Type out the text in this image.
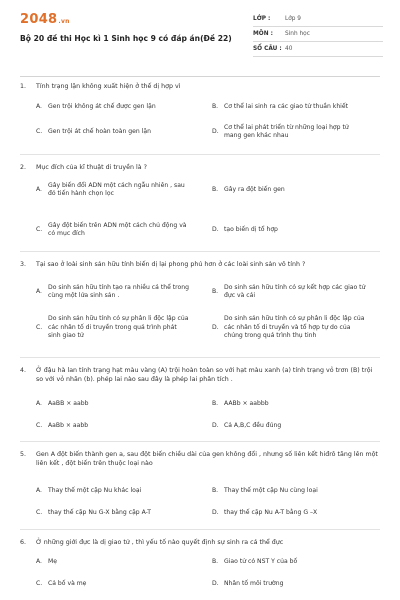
2048.vn
Bộ 20 đề thi Học kì 1 Sinh học 9 có đáp án(Đề 22)
LỚP :	Lớp 9
MÔN :	Sinh học
SỐ CÂU : 40
1.	Tính trạng lặn không xuất hiện ở thế dị hợp vì
A. Gen trội không át chế được gen lặn	B. Cơ thể lai sinh ra các giao tử thuần khiết
C. Gen trội át chế hoàn toàn gen lặn	D.
Cơ thể lai phát triển từ những loại hợp tử mang gen khác nhau
2.	Mục đích của kĩ thuật di truyền là ?
A.
Gây biến đổi ADN một cách ngẫu nhiên , sau đó tiến hành chọn lọc
B. Gây ra đột biến gen
C.
Gây đột biến trên ADN một cách chủ động và có mục đích
D. tạo biến dị tổ hợp
3.	Tại sao ở loài sinh sản hữu tính biến dị lại phong phú hơn ở các loài sinh sản vô tính ?
A.
Do sinh sản hữu tính tạo ra nhiều cá thể trong cùng một lứa sinh sản .
B.
Do sinh sản hữu tính có sự kết hợp các giao tử đực và cái
C.
Do sinh sản hữu tính có sự phân li độc lập của các nhân tố di truyền trong quá trình phát sinh giao tử
D.
Do sinh sản hữu tính có sự phân li độc lập của các nhân tố di truyền và tổ hợp tự do của chúng trong quá trình thụ tinh
4.	Ở đậu hà lan tính trạng hạt màu vàng (A) trội hoàn toàn so với hạt màu xanh (a) tính trạng vỏ trơn (B) trội so với vỏ nhăn (b). phép lai nào sau đây là phép lai phân tích .
A. AaBB × aabb	B. AABb × aabbb
C. AaBb × aabb	D. Cả A,B,C đều đúng
5.	Gen A đột biến thành gen a, sau đột biến chiều dài của gen không đổi , nhưng số liên kết hiđrô tăng lên một liên kết , đột biến trên thuộc loại nào
A. Thay thế một cặp Nu khác loại	B. Thay thế một cặp Nu cùng loại
C. thay thế cặp Nu G-X bằng cặp A-T	D. thay thế cặp Nu A-T bằng G –X
6.	Ở những giới đực là dị giao tử , thì yếu tố nào quyết định sự sinh ra cá thể đực
A. Mẹ	B. Giao tử có NST Y của bố
C. Cả bố và mẹ	D. Nhân tố môi trường
